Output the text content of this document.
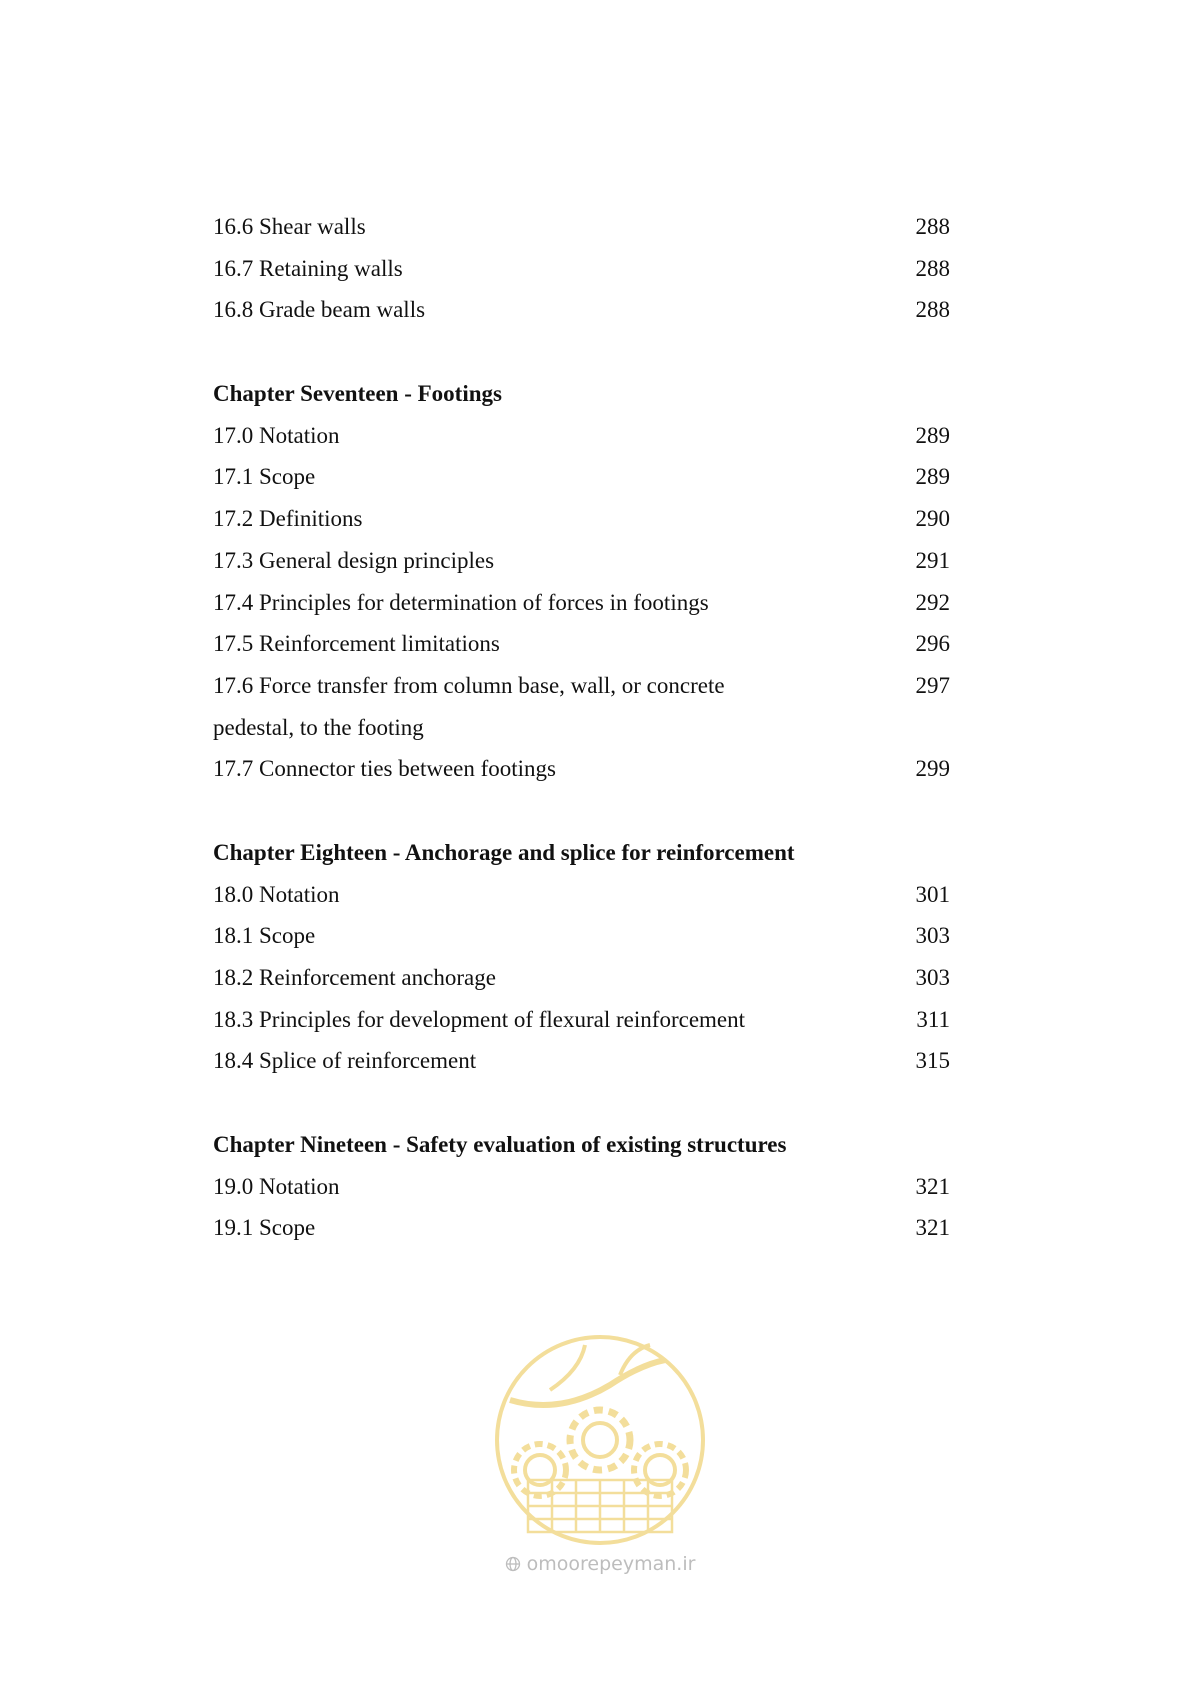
16.6 Shear walls	288
16.7 Retaining walls	288
16.8 Grade beam walls	288
Chapter Seventeen - Footings
17.0 Notation	289
17.1 Scope	289
17.2 Definitions	290
17.3 General design principles	291
17.4 Principles for determination of forces in footings	292
17.5 Reinforcement limitations	296
17.6 Force transfer from column base, wall, or concrete	297
pedestal, to the footing
17.7 Connector ties between footings	299
Chapter Eighteen - Anchorage and splice for reinforcement
18.0 Notation	301
18.1 Scope	303
18.2 Reinforcement anchorage	303
18.3 Principles for development of flexural reinforcement	311
18.4 Splice of reinforcement	315
Chapter Nineteen - Safety evaluation of existing structures
19.0 Notation	321
19.1 Scope	321
omoorepeyman.ir
